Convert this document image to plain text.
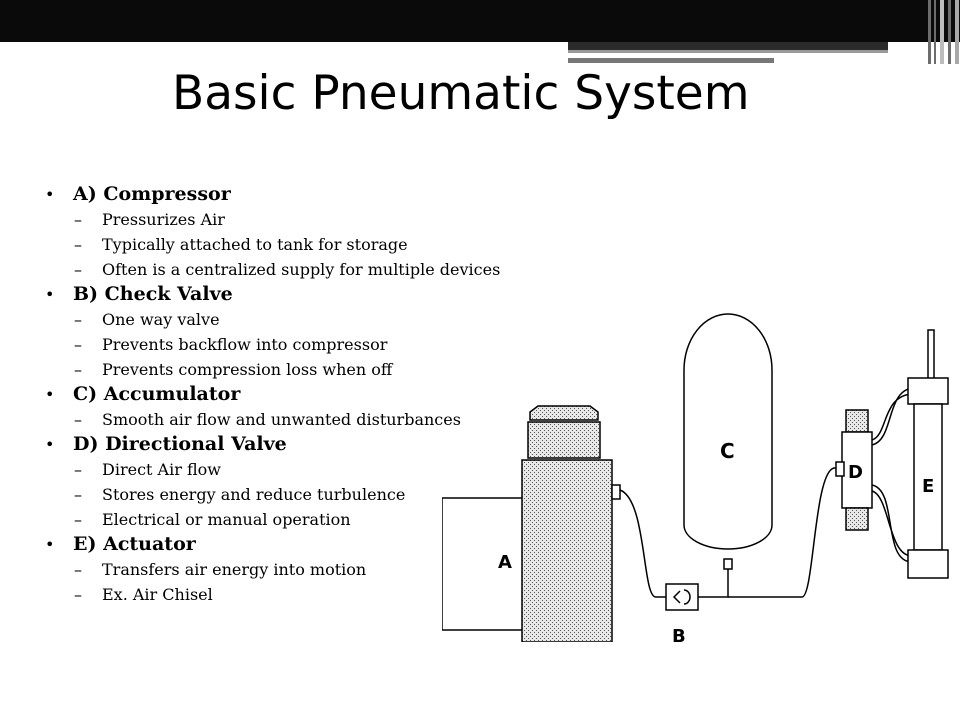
Basic Pneumatic System
• A) Compressor
– Pressurizes Air
– Typically attached to tank for storage
– Often is a centralized supply for multiple devices
• B) Check Valve
– One way valve
– Prevents backflow into compressor
– Prevents compression loss when off
• C) Accumulator
– Smooth air flow and unwanted disturbances
• D) Directional Valve
– Direct Air flow
– Stores energy and reduce turbulence
– Electrical or manual operation
• E) Actuator
– Transfers air energy into motion
– Ex. Air Chisel
A
B
C
D
E
